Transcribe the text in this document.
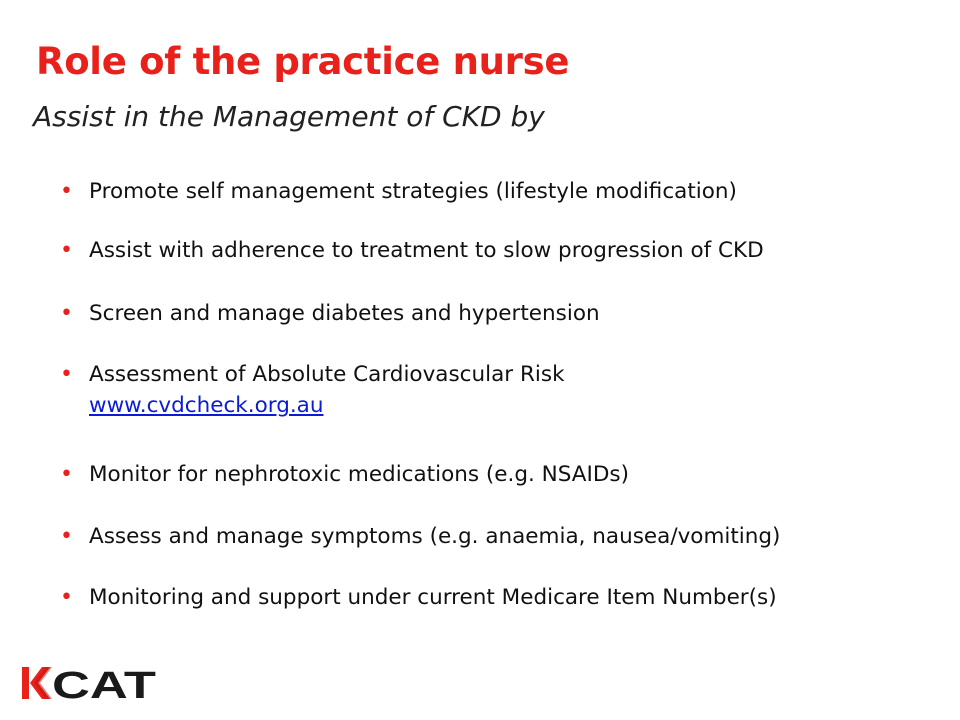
Role of the practice nurse
Assist in the Management of CKD by
• Promote self management strategies (lifestyle modification)
• Assist with adherence to treatment to slow progression of CKD
• Screen and manage diabetes and hypertension
• Assessment of Absolute Cardiovascular Risk
www.cvdcheck.org.au
• Monitor for nephrotoxic medications (e.g. NSAIDs)
• Assess and manage symptoms (e.g. anaemia, nausea/vomiting)
• Monitoring and support under current Medicare Item Number(s)
CAT
